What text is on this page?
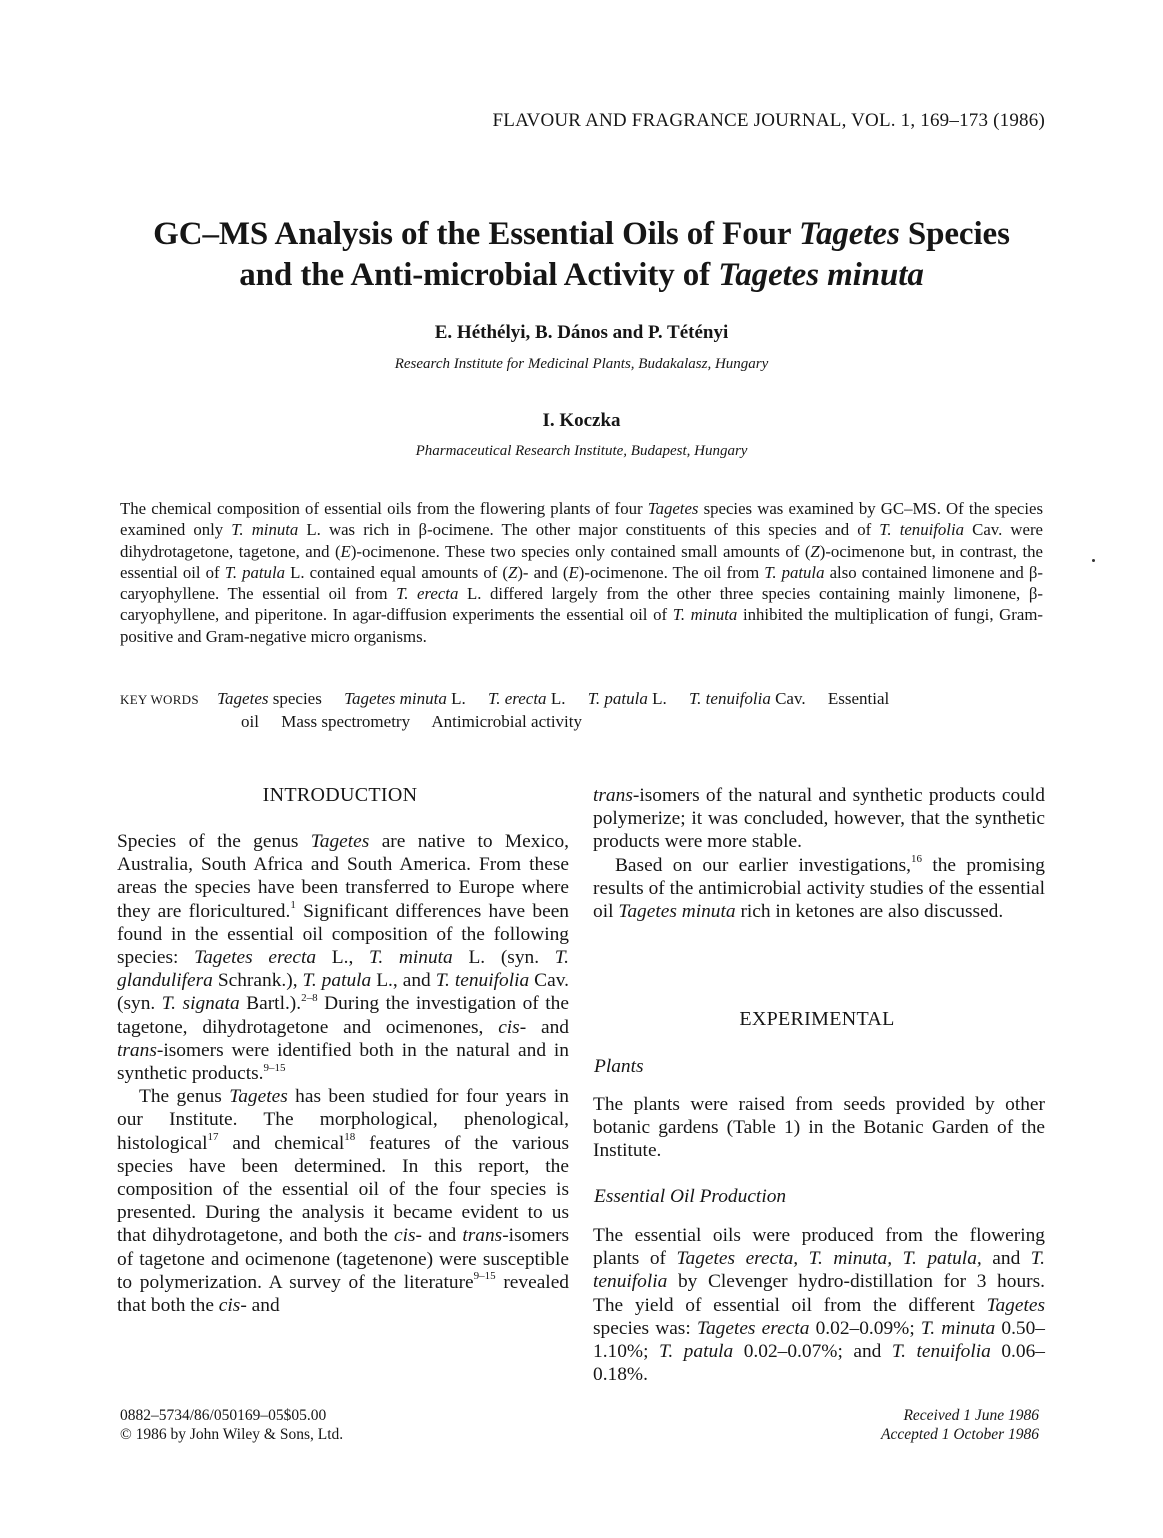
FLAVOUR AND FRAGRANCE JOURNAL, VOL. 1, 169–173 (1986)
GC–MS Analysis of the Essential Oils of Four Tagetes Species
and the Anti-microbial Activity of Tagetes minuta
E. Héthélyi, B. Dános and P. Tétényi
Research Institute for Medicinal Plants, Budakalasz, Hungary
I. Koczka
Pharmaceutical Research Institute, Budapest, Hungary
The chemical composition of essential oils from the flowering plants of four Tagetes species was examined by GC–MS. Of the species examined only T. minuta L. was rich in β-ocimene. The other major constituents of this species and of T. tenuifolia Cav. were dihydrotagetone, tagetone, and (E)-ocimenone. These two species only contained small amounts of (Z)-ocimenone but, in contrast, the essential oil of T. patula L. contained equal amounts of (Z)- and (E)-ocimenone. The oil from T. patula also contained limonene and β-caryophyllene. The essential oil from T. erecta L. differed largely from the other three species containing mainly limonene, β-caryophyllene, and piperitone. In agar-diffusion experiments the essential oil of T. minuta inhibited the multiplication of fungi, Gram-positive and Gram-negative micro organisms.
KEY WORDS Tagetes species Tagetes minuta L. T. erecta L. T. patula L. T. tenuifolia Cav. Essential
oil Mass spectrometry Antimicrobial activity
INTRODUCTION

Species of the genus Tagetes are native to Mexico, Australia, South Africa and South America. From these areas the species have been transferred to Europe where they are floricultured.$^1$ Significant differences have been found in the essential oil composition of the following species: Tagetes erecta L., T. minuta L. (syn. T. glandulifera Schrank.), T. patula L., and T. tenuifolia Cav. (syn. T. signata Bartl.).$^{2-8}$ During the investigation of the tagetone, dihydrotagetone and ocimenones, cis- and trans-isomers were identified both in the natural and in synthetic products.$^{9-15}$

The genus Tagetes has been studied for four years in our Institute. The morphological, phenological, histological$^{17}$ and chemical$^{18}$ features of the various species have been determined. In this report, the composition of the essential oil of the four species is presented. During the analysis it became evident to us that dihydrotagetone, and both the cis- and trans-isomers of tagetone and ocimenone (tagetenone) were susceptible to polymerization. A survey of the literature$^{9-15}$ revealed that both the cis- and

trans-isomers of the natural and synthetic products could polymerize; it was concluded, however, that the synthetic products were more stable.

Based on our earlier investigations,$^{16}$ the promising results of the antimicrobial activity studies of the essential oil Tagetes minuta rich in ketones are also discussed.

EXPERIMENTAL
Plants
The plants were raised from seeds provided by other botanic gardens (Table 1) in the Botanic Garden of the Institute.
Essential Oil Production
The essential oils were produced from the flowering plants of Tagetes erecta, T. minuta, T. patula, and T. tenuifolia by Clevenger hydro-distillation for 3 hours. The yield of essential oil from the different Tagetes species was: Tagetes erecta 0.02–0.09%; T. minuta 0.50–1.10%; T. patula 0.02–0.07%; and T. tenuifolia 0.06–0.18%.
0882–5734/86/050169–05$05.00
© 1986 by John Wiley & Sons, Ltd.
Received 1 June 1986
Accepted 1 October 1986
